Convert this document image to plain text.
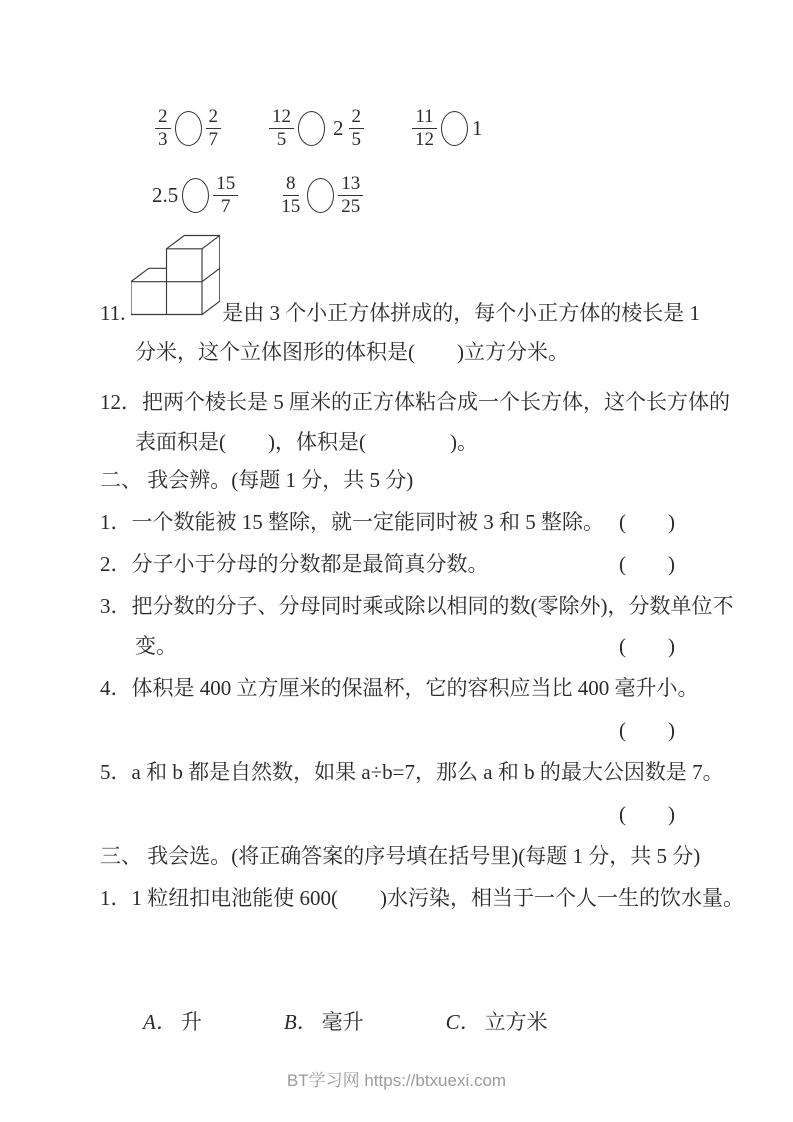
$\frac{2}{3} \frac{2}{7}$	$\frac{12}{5} 2 \frac{2}{5}$	$\frac{11}{12} 1$
$2.5 \frac{15}{7} \frac{8}{15} \frac{13}{25}$
11.	是由 3 个小正方体拼成的，每个小正方体的棱长是 1
分米，这个立体图形的体积是(　　)立方分米。
12．把两个棱长是 5 厘米的正方体粘合成一个长方体，这个长方体的
表面积是(　　)，体积是(　　　　)。
二、 我会辨。(每题 1 分，共 5 分)
1．一个数能被 15 整除，就一定能同时被 3 和 5 整除。 (　　)
2．分子小于分母的分数都是最简真分数。	(　　)
3．把分数的分子、分母同时乘或除以相同的数(零除外)，分数单位不
变。	(　　)
4．体积是 400 立方厘米的保温杯，它的容积应当比 400 毫升小。
(　　)
5．a 和 b 都是自然数，如果 a÷b=7，那么 a 和 b 的最大公因数是 7。
(　　)
三、 我会选。(将正确答案的序号填在括号里)(每题 1 分，共 5 分)
1．1 粒纽扣电池能使 600(　　)水污染，相当于一个人一生的饮水量。
A． 升	B． 毫升	C． 立方米
BT学习网 https://btxuexi.com
